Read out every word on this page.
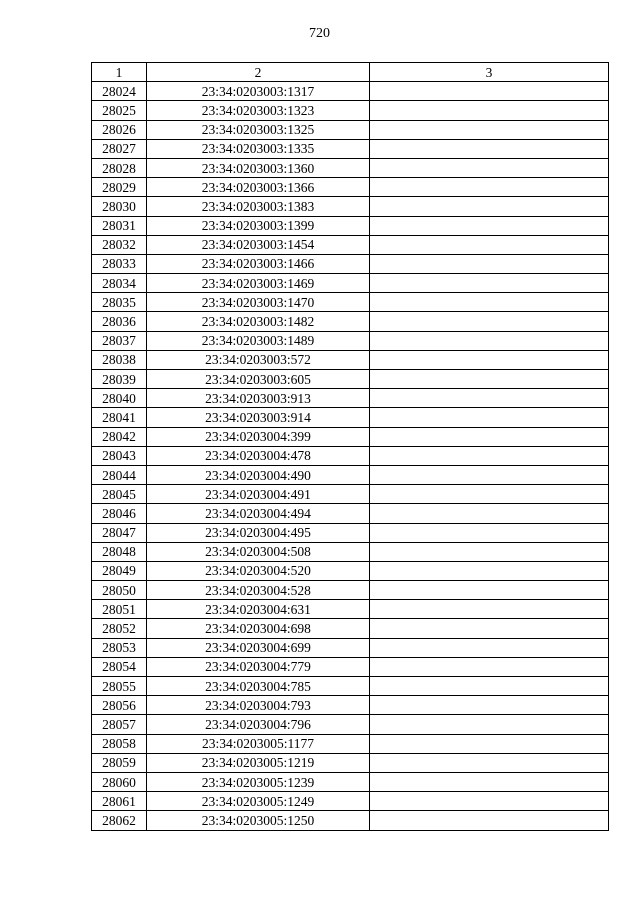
720
1	2	3
28024	23:34:0203003:1317	
28025	23:34:0203003:1323	
28026	23:34:0203003:1325	
28027	23:34:0203003:1335	
28028	23:34:0203003:1360	
28029	23:34:0203003:1366	
28030	23:34:0203003:1383	
28031	23:34:0203003:1399	
28032	23:34:0203003:1454	
28033	23:34:0203003:1466	
28034	23:34:0203003:1469	
28035	23:34:0203003:1470	
28036	23:34:0203003:1482	
28037	23:34:0203003:1489	
28038	23:34:0203003:572	
28039	23:34:0203003:605	
28040	23:34:0203003:913	
28041	23:34:0203003:914	
28042	23:34:0203004:399	
28043	23:34:0203004:478	
28044	23:34:0203004:490	
28045	23:34:0203004:491	
28046	23:34:0203004:494	
28047	23:34:0203004:495	
28048	23:34:0203004:508	
28049	23:34:0203004:520	
28050	23:34:0203004:528	
28051	23:34:0203004:631	
28052	23:34:0203004:698	
28053	23:34:0203004:699	
28054	23:34:0203004:779	
28055	23:34:0203004:785	
28056	23:34:0203004:793	
28057	23:34:0203004:796	
28058	23:34:0203005:1177	
28059	23:34:0203005:1219	
28060	23:34:0203005:1239	
28061	23:34:0203005:1249	
28062	23:34:0203005:1250	
